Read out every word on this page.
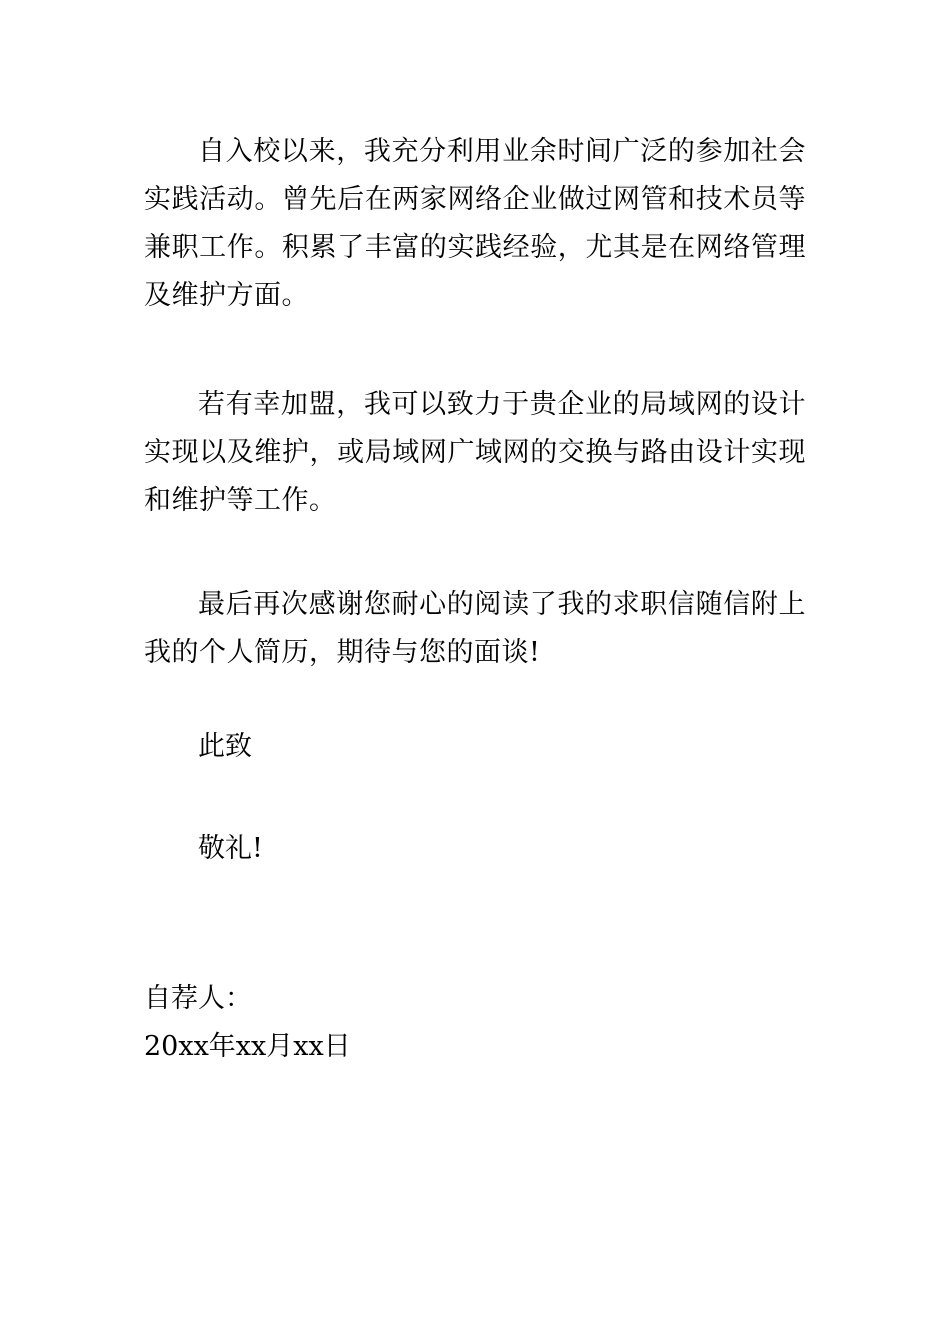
自入校以来，我充分利用业余时间广泛的参加社会实践活动。曾先后在两家网络企业做过网管和技术员等兼职工作。积累了丰富的实践经验，尤其是在网络管理及维护方面。

若有幸加盟，我可以致力于贵企业的局域网的设计实现以及维护，或局域网广域网的交换与路由设计实现和维护等工作。

最后再次感谢您耐心的阅读了我的求职信随信附上我的个人简历，期待与您的面谈!

此致

敬礼!

自荐人：

20xx年xx月xx日
